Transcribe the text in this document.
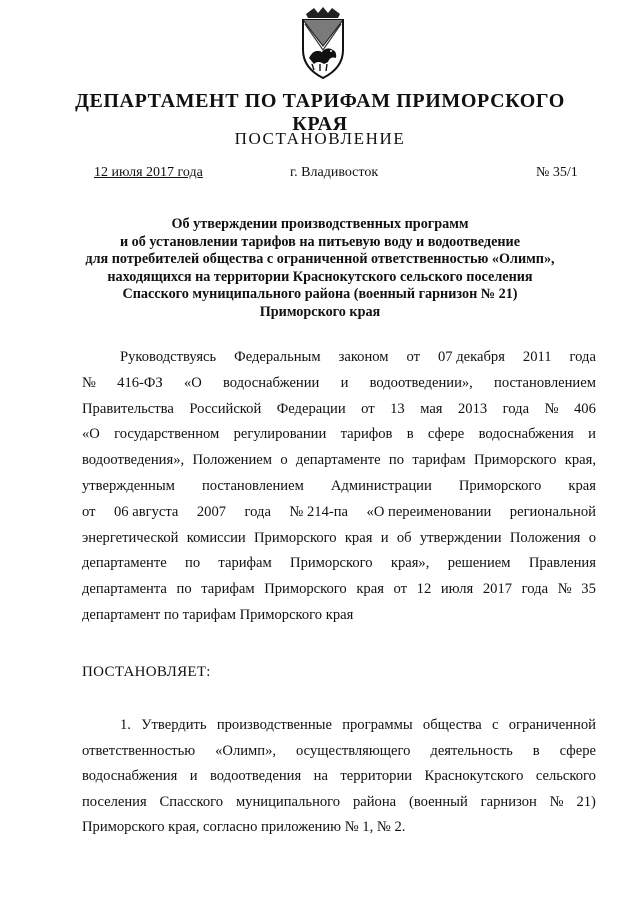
ДЕПАРТАМЕНТ ПО ТАРИФАМ ПРИМОРСКОГО КРАЯ
ПОСТАНОВЛЕНИЕ
12 июля 2017 года	г. Владивосток	№ 35/1
Об утверждении производственных программ
и об установлении тарифов на питьевую воду и водоотведение
для потребителей общества с ограниченной ответственностью «Олимп»,
находящихся на территории Краснокутского сельского поселения
Спасского муниципального района (военный гарнизон № 21)
Приморского края
Руководствуясь Федеральным законом от 07 декабря 2011 года
№ 416-ФЗ «О водоснабжении и водоотведении», постановлением
Правительства Российской Федерации от 13 мая 2013 года № 406
«О государственном регулировании тарифов в сфере водоснабжения и
водоотведения», Положением о департаменте по тарифам Приморского края,
утвержденным постановлением Администрации Приморского края
от 06 августа 2007 года № 214-па «О переименовании региональной
энергетической комиссии Приморского края и об утверждении Положения о
департаменте по тарифам Приморского края», решением Правления
департамента по тарифам Приморского края от 12 июля 2017 года № 35
департамент по тарифам Приморского края
ПОСТАНОВЛЯЕТ:
1. Утвердить производственные программы общества с ограниченной
ответственностью «Олимп», осуществляющего деятельность в сфере
водоснабжения и водоотведения на территории Краснокутского сельского
поселения Спасского муниципального района (военный гарнизон № 21)
Приморского края, согласно приложению № 1, № 2.
